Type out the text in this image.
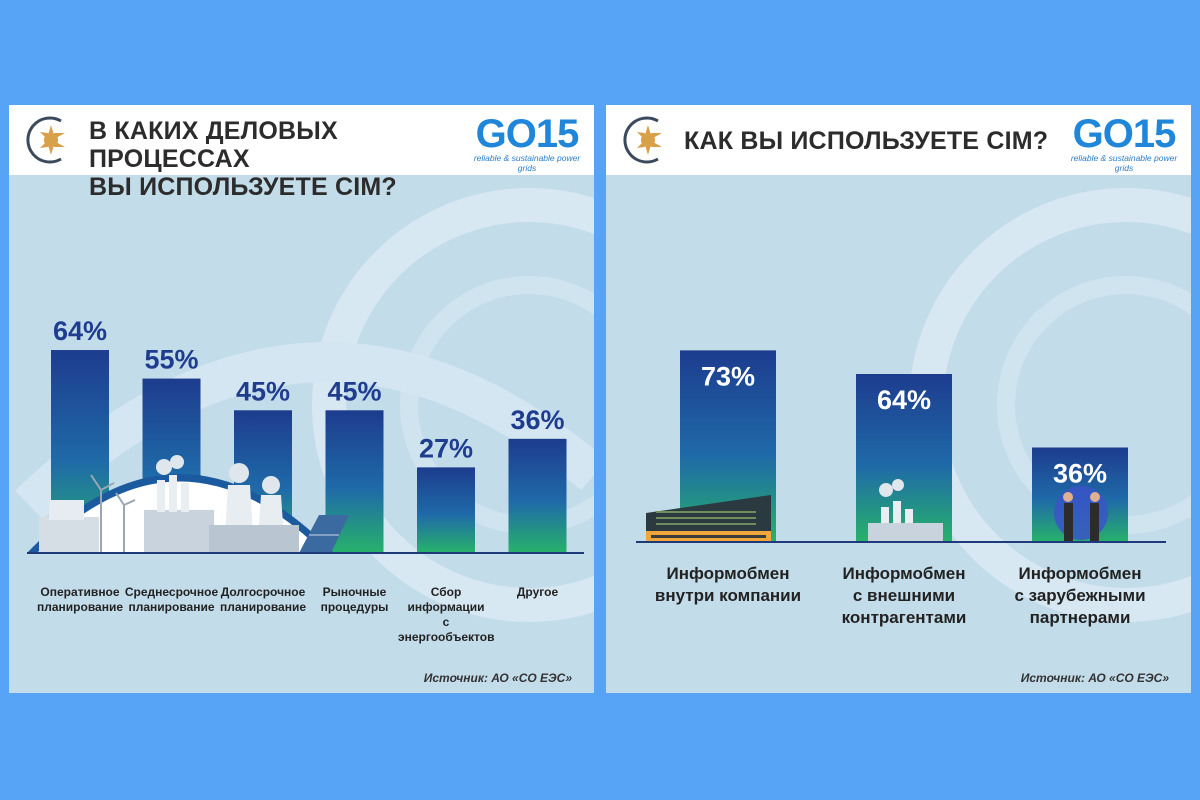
В КАКИХ ДЕЛОВЫХ ПРОЦЕССАХ
ВЫ ИСПОЛЬЗУЕТЕ CIM?
GO15
reliable & sustainable power grids
64%
55%
45% 45%
27%
36%
Оперативное
планирование

Среднесрочное
планирование

Долгосрочное
планирование

Рыночные
процедуры

Сбор
информации
с энергообъектов

Другое

Источник: АО «СО ЕЭС»
КАК ВЫ ИСПОЛЬЗУЕТЕ CIM? GO15
reliable & sustainable power grids
73%
64%
36%
Информобмен
внутри компании

Информобмен
с внешними
контрагентами

Информобмен
с зарубежными
партнерами

Источник: АО «СО ЕЭС»
